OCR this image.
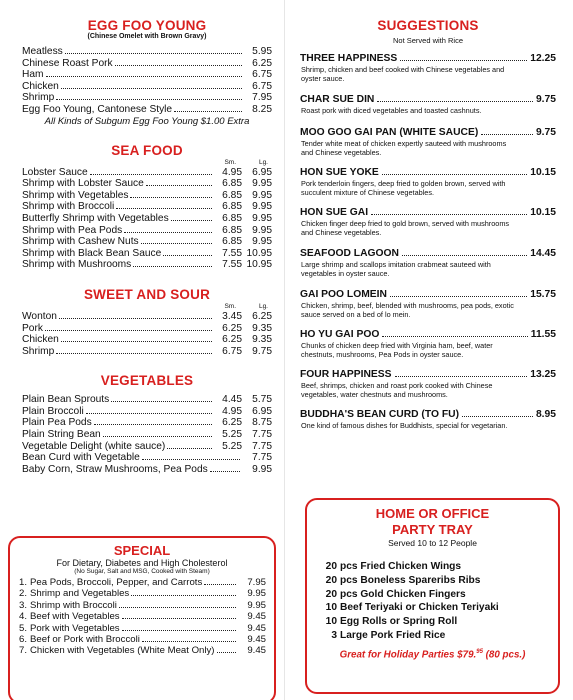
EGG FOO YOUNG
(Chinese Omelet with Brown Gravy)
Meatless	5.95
Chinese Roast Pork	6.25
Ham	6.75
Chicken	6.75
Shrimp	7.95
Egg Foo Young, Cantonese Style	8.25
All Kinds of Subgum Egg Foo Young $1.00 Extra
SEA FOOD
Sm.	Lg.
Lobster Sauce	4.95 6.95
Shrimp with Lobster Sauce	6.85 9.95
Shrimp with Vegetables	6.85 9.95
Shrimp with Broccoli	6.85 9.95
Butterfly Shrimp with Vegetables	6.85 9.95
Shrimp with Pea Pods	6.85 9.95
Shrimp with Cashew Nuts	6.85 9.95
Shrimp with Black Bean Sauce	7.55 10.95
Shrimp with Mushrooms	7.55 10.95
SWEET AND SOUR
Sm.	Lg.
Wonton	3.45 6.25
Pork	6.25 9.35
Chicken	6.25 9.35
Shrimp	6.75 9.75
VEGETABLES
Plain Bean Sprouts	4.45 5.75
Plain Broccoli	4.95 6.95
Plain Pea Pods	6.25 8.75
Plain String Bean	5.25 7.75
Vegetable Delight (white sauce)	5.25 7.75
Bean Curd with Vegetable	7.75
Baby Corn, Straw Mushrooms, Pea Pods	9.95
SPECIAL
For Dietary, Diabetes and High Cholesterol
(No Sugar, Salt and MSG, Cooked with Steam)
1. Pea Pods, Broccoli, Pepper, and Carrots	7.95
2. Shrimp and Vegetables	9.95
3. Shrimp with Broccoli	9.95
4. Beef with Vegetables	9.45
5. Pork with Vegetables	9.45
6. Beef or Pork with Broccoli	9.45
7. Chicken with Vegetables (White Meat Only)	9.45
SUGGESTIONS
Not Served with Rice
THREE HAPPINESS	12.25
Shrimp, chicken and beef cooked with Chinese vegetables and oyster sauce.
CHAR SUE DIN	9.75
Roast pork with diced vegetables and toasted cashnuts.
MOO GOO GAI PAN (WHITE SAUCE)	9.75
Tender white meat of chicken expertly sauteed with mushrooms and Chinese vegetables.
HON SUE YOKE	10.15
Pork tenderloin fingers, deep fried to golden brown, served with succulent mixture of Chinese vegetables.
HON SUE GAI	10.15
Chicken finger deep fried to gold brown, served with mushrooms and Chinese vegetables.
SEAFOOD LAGOON	14.45
Large shrimp and scallops imitation crabmeat sauteed with vegetables in oyster sauce.
GAI POO LOMEIN	15.75
Chicken, shrimp, beef, blended with mushrooms, pea pods, exotic sauce served on a bed of lo mein.
HO YU GAI POO	11.55
Chunks of chicken deep fried with Virginia ham, beef, water chestnuts, mushrooms, Pea Pods in oyster sauce.
FOUR HAPPINESS	13.25
Beef, shrimps, chicken and roast pork cooked with Chinese vegetables, water chestnuts and mushrooms.
BUDDHA'S BEAN CURD (TO FU)	8.95
One kind of famous dishes for Buddhists, special for vegetarian.
HOME OR OFFICE
PARTY TRAY
Served 10 to 12 People
20 pcs Fried Chicken Wings
20 pcs Boneless Spareribs Ribs
20 pcs Gold Chicken Fingers
10 Beef Teriyaki or Chicken Teriyaki
10 Egg Rolls or Spring Roll
3 Large Pork Fried Rice
Great for Holiday Parties $79.95 (80 pcs.)
